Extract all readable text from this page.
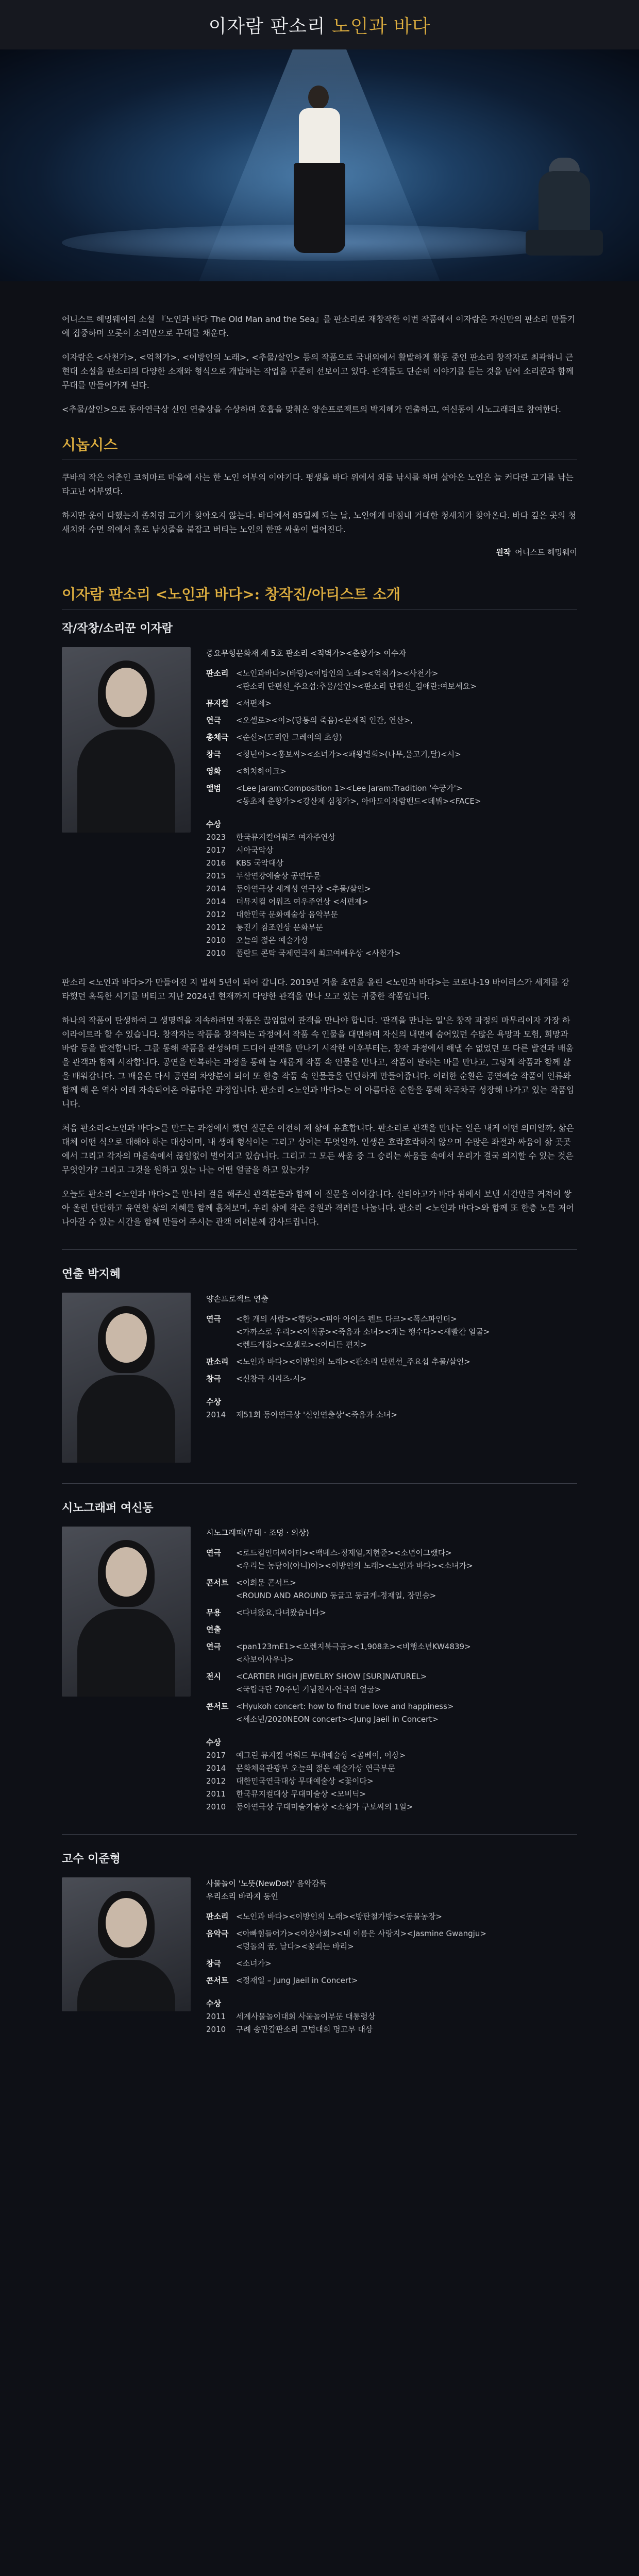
이자람 판소리 노인과 바다

어니스트 헤밍웨이의 소설 『노인과 바다 The Old Man and the Sea』를 판소리로 재창작한 이번 작품에서 이자람은 자신만의 판소리 만들기에 집중하며 오롯이 소리만으로 무대를 채운다.

이자람은 <사천가>, <억척가>, <이방인의 노래>, <추물/살인> 등의 작품으로 국내외에서 활발하게 활동 중인 판소리 창작자로 최곽하니 근현대 소설을 판소리의 다양한 소재와 형식으로 개발하는 작업을 꾸준히 선보이고 있다. 관객들도 단순히 이야기를 듣는 것을 넘어 소리꾼과 함께 무대를 만들어가게 된다.

<추물/살인>으로 동아연극상 신인 연출상을 수상하며 호흡을 맞춰온 양손프로젝트의 박지혜가 연출하고, 여신동이 시노그래퍼로 참여한다.

시놉시스

쿠바의 작은 어촌인 코히마르 마을에 사는 한 노인 어부의 이야기다. 평생을 바다 위에서 외롭 낚시를 하며 살아온 노인은 늘 커다란 고기를 낚는 타고난 어부였다.

하지만 운이 다했는지 좀처럼 고기가 찾아오지 않는다. 바다에서 85일째 되는 날, 노인에게 마침내 거대한 청새치가 찾아온다. 바다 깊은 곳의 청새치와 수면 위에서 홀로 낚싯줄을 붙잡고 버티는 노인의 한판 싸움이 벌어진다.

원작 어니스트 헤밍웨이
이자람 판소리 <노인과 바다>: 창작진/아티스트 소개
작/작창/소리꾼 이자람
중요무형문화재 제 5호 판소리 <적벽가><춘향가> 이수자
판소리 <노인과바다>(바탕)<이방인의 노래><억척가><사천가>
<판소리 단편선_주요섭:추물/살인><판소리 단편선_김애란:여보세요>
뮤지컬 <서편제>
연극	<오셀로><이>(당통의 죽음)<문제적 인간, 연산>,
총체극 <순신>(도리안 그레이의 초상)
창극	<청년이><홍보씨><소녀가><패왕별희>(나무,물고기,달)<시>
영화	<히치하이크>
앨범	<Lee Jaram:Composition 1><Lee Jaram:Tradition '수궁가'>
<동초제 춘향가><강산제 심청가>, 아마도이자람밴드<데뷔><FACE>
수상
2023	한국뮤지컬어워즈 여자주연상
2017	시아국악상
2016	KBS 국악대상
2015	두산연강예술상 공연부문
2014	동아연극상 세계성 연극상 <추물/살인>
2014	더뮤지컬 어워즈 여우주연상 <서편제>
2012	대한민국 문화예술상 음악부문
2012	통진기 참조인상 문화부문
2010	오늘의 젊은 예술가상
2010	폴란드 콘탁 국제연극제 최고여배우상 <사천가>

판소리 <노인과 바다>가 만들어진 지 벌써 5년이 되어 갑니다. 2019년 겨울 초연을 올린 <노인과 바다>는 코로나-19 바이러스가 세계를 강타했던 혹독한 시기를 버티고 지난 2024년 현재까지 다양한 관객을 만나 오고 있는 귀중한 작품입니다.

하나의 작품이 탄생하여 그 생명력을 지속하려면 작품은 끊임없이 관객을 만나야 합니다. '관객을 만나는 일'은 창작 과정의 마무리이자 가장 하이라이트라 할 수 있습니다. 창작자는 작품을 창작하는 과정에서 작품 속 인물을 대면하며 자신의 내면에 숨어있던 수많은 욕망과 모험, 희망과 바람 등을 발견합니다. 그를 통해 작품을 완성하며 드디어 관객을 만나기 시작한 이후부터는, 창작 과정에서 해낼 수 없었던 또 다른 발견과 배움을 관객과 함께 시작합니다. 공연을 반복하는 과정을 통해 늘 새롭게 작품 속 인물을 만나고, 작품이 말하는 바를 만나고, 그렇게 작품과 함께 삶을 배워갑니다. 그 배움은 다시 공연의 차양분이 되어 또 한층 작품 속 인물들을 단단하게 만들어줍니다. 이러한 순환은 공연예술 작품이 인류와 함께 해 온 역사 이래 자속되어온 아름다운 과정입니다. 판소리 <노인과 바다>는 이 아름다운 순환을 통해 차곡차곡 성장해 나가고 있는 작품입니다.

처음 판소리<노인과 바다>를 만드는 과정에서 했던 질문은 여전히 제 삶에 유효합니다. 판소리로 관객을 만나는 일은 내게 어떤 의미일까, 삶은 대체 어떤 식으로 대해야 하는 대상이며, 내 생애 형식이는 그리고 상어는 무엇일까. 인생은 호락호락하지 않으며 수많은 좌절과 싸움이 삶 곳곳에서 그리고 각자의 마음속에서 끊임없이 벌어지고 있습니다. 그리고 그 모든 싸움 중 그 승리는 싸움들 속에서 우리가 결국 의지할 수 있는 것은 무엇인가? 그리고 그것을 원하고 있는 나는 어떤 얼굴을 하고 있는가?

오늘도 판소리 <노인과 바다>를 만나러 걸음 해주신 관객분들과 함께 이 질문을 이어갑니다. 산티아고가 바다 위에서 보낸 시간만큼 커져이 쌓아 올린 단단하고 유연한 삶의 지혜를 함께 흡쳐보며, 우리 삶에 작은 응원과 격려를 나눕니다. 판소리 <노인과 바다>와 함께 또 한층 노를 저어 나아갈 수 있는 시간을 함께 만들어 주시는 관객 여러분께 감사드립니다.

연출 박지혜
양손프로젝트 연출
연극	<한 개의 사람><햄릿><피아 아이즈 펜트 다크><폭스파인더>
<가까스로 우리><여직공><죽음과 소녀><개는 행수다><새빨간 얼굴>
<렌드개집><오셀로><어디든 편지>
판소리 <노인과 바다><이방인의 노래><판소리 단편선_주요섭 추물/살인>
창극	<신창극 시리즈-시>
수상
2014	제51회 동아연극상 '신인연출상'<죽음과 소녀>
시노그래퍼 여신동
시노그래퍼(무대 · 조명 · 의상)
연극	<로드킬인더씨어터><맥베스-정재일,지현준><소년이그랬다>
<우리는 농담이(아니)야><이방인의 노래><노인과 바다><소녀가>
콘서트 <이희문 콘서트>
<ROUND AND AROUND 둥글고 둥글게-정재일, 장민승>
무용	<다녀왔요,다녀왔습니다>
연출
연극	<pan123mE1><오렌지북극곰><1,908초><비행소년KW4839>
<사보이사우나>
전시	<CARTIER HIGH JEWELRY SHOW [SUR]NATUREL>
<국립극단 70주년 기념전시-연극의 얼굴>
콘서트 <Hyukoh concert: how to find true love and happiness>
<세소년/2020NEON concert><Jung Jaeil in Concert>
수상
2017	예그린 뮤지컬 어워드 무대예술상 <곰베이, 이상>
2014	문화체육관광부 오늘의 젊은 예술가상 연극부문
2012	대한민국연극대상 무대예술상 <꽃이다>
2011	한국뮤지컬대상 무대미술상 <모비딕>
2010	동아연극상 무대미술기술상 <소설가 구보씨의 1일>
고수 이준형
사물놀이 '노뜻(NewDot)' 음악감독
우리소리 바라지 동인
판소리 <노인과 바다><이방인의 노래><방탄철가방><동물농장>
음악극 <아빠힘들어가><이상사회><내 이름은 사랑지><Jasmine Gwangju>
<덩돌의 꿈, 날다><꽃피는 바리>
창극	<소녀가>
콘서트 <정재일 – Jung Jaeil in Concert>
수상
2011	세계사물놀이대회 사물놀이부문 대통령상
2010	구례 송만갑판소리 고법대회 명고부 대상
